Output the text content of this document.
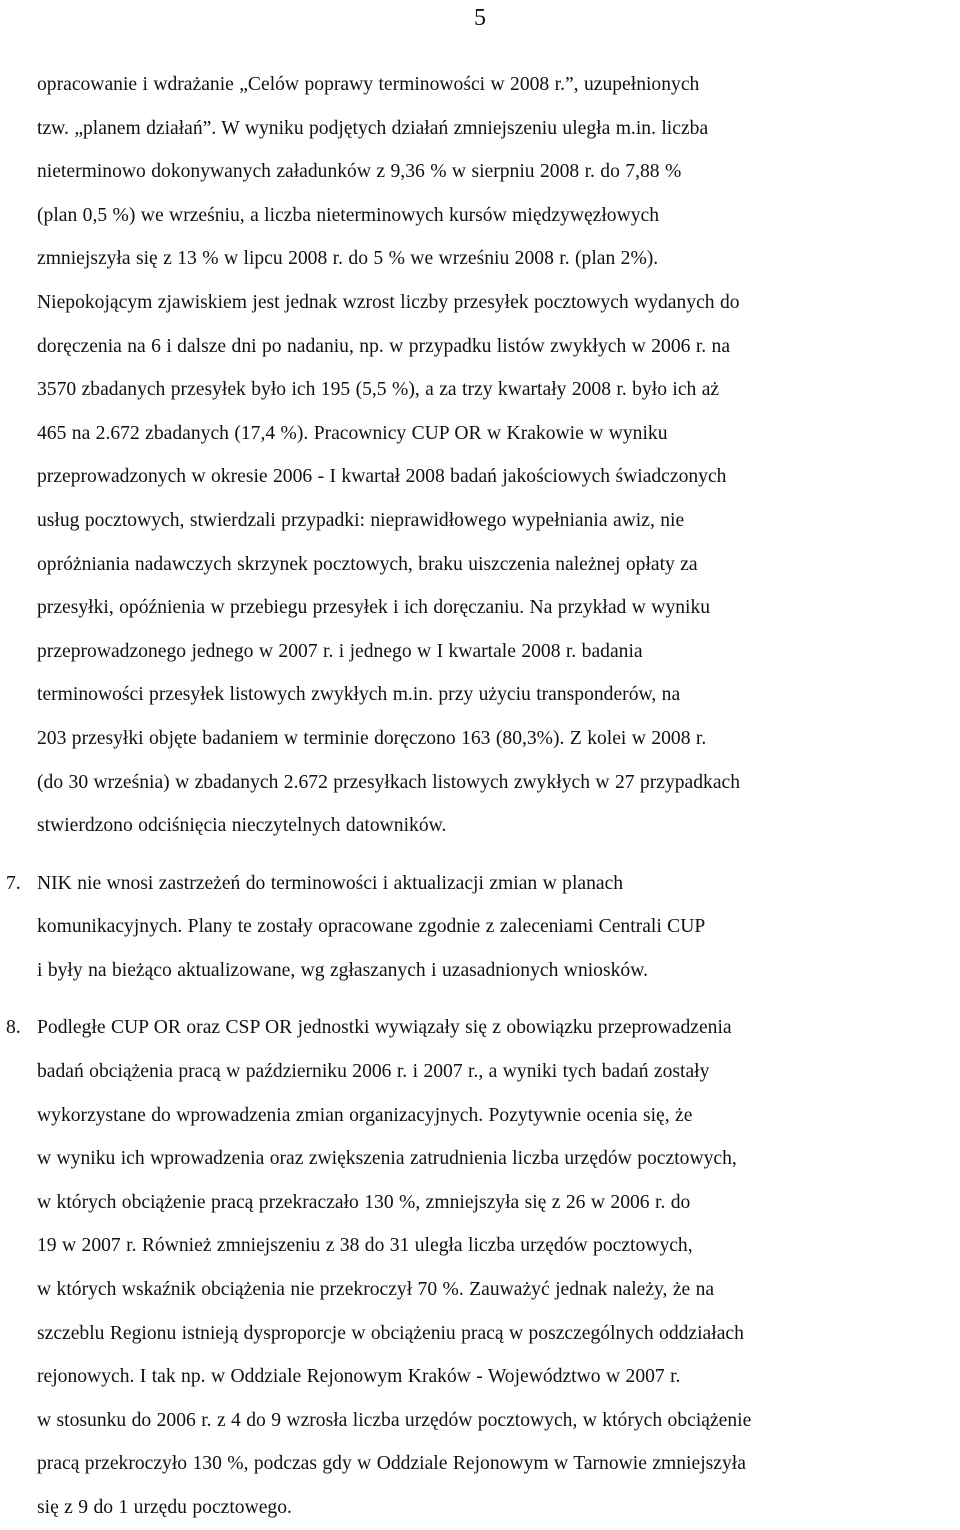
5
opracowanie i wdrażanie „Celów poprawy terminowości w 2008 r.”, uzupełnionych
tzw. „planem działań”. W wyniku podjętych działań zmniejszeniu uległa m.in. liczba
nieterminowo dokonywanych załadunków z 9,36 % w sierpniu 2008 r. do 7,88 %
(plan 0,5 %) we wrześniu, a liczba nieterminowych kursów międzywęzłowych
zmniejszyła się z 13 % w lipcu 2008 r. do 5 % we wrześniu 2008 r. (plan 2%).
Niepokojącym zjawiskiem jest jednak wzrost liczby przesyłek pocztowych wydanych do
doręczenia na 6 i dalsze dni po nadaniu, np. w przypadku listów zwykłych w 2006 r. na
3570 zbadanych przesyłek było ich 195 (5,5 %), a za trzy kwartały 2008 r. było ich aż
465 na 2.672 zbadanych (17,4 %). Pracownicy CUP OR w Krakowie w wyniku
przeprowadzonych w okresie 2006 - I kwartał 2008 badań jakościowych świadczonych
usług pocztowych, stwierdzali przypadki: nieprawidłowego wypełniania awiz, nie
opróżniania nadawczych skrzynek pocztowych, braku uiszczenia należnej opłaty za
przesyłki, opóźnienia w przebiegu przesyłek i ich doręczaniu. Na przykład w wyniku
przeprowadzonego jednego w 2007 r. i jednego w I kwartale 2008 r. badania
terminowości przesyłek listowych zwykłych m.in. przy użyciu transponderów, na
203 przesyłki objęte badaniem w terminie doręczono 163 (80,3%). Z kolei w 2008 r.
(do 30 września) w zbadanych 2.672 przesyłkach listowych zwykłych w 27 przypadkach
stwierdzono odciśnięcia nieczytelnych datowników.
7. NIK nie wnosi zastrzeżeń do terminowości i aktualizacji zmian w planach
komunikacyjnych. Plany te zostały opracowane zgodnie z zaleceniami Centrali CUP
i były na bieżąco aktualizowane, wg zgłaszanych i uzasadnionych wniosków.
8. Podległe CUP OR oraz CSP OR jednostki wywiązały się z obowiązku przeprowadzenia
badań obciążenia pracą w październiku 2006 r. i 2007 r., a wyniki tych badań zostały
wykorzystane do wprowadzenia zmian organizacyjnych. Pozytywnie ocenia się, że
w wyniku ich wprowadzenia oraz zwiększenia zatrudnienia liczba urzędów pocztowych,
w których obciążenie pracą przekraczało 130 %, zmniejszyła się z 26 w 2006 r. do
19 w 2007 r. Również zmniejszeniu z 38 do 31 uległa liczba urzędów pocztowych,
w których wskaźnik obciążenia nie przekroczył 70 %. Zauważyć jednak należy, że na
szczeblu Regionu istnieją dysproporcje w obciążeniu pracą w poszczególnych oddziałach
rejonowych. I tak np. w Oddziale Rejonowym Kraków - Województwo w 2007 r.
w stosunku do 2006 r. z 4 do 9 wzrosła liczba urzędów pocztowych, w których obciążenie
pracą przekroczyło 130 %, podczas gdy w Oddziale Rejonowym w Tarnowie zmniejszyła
się z 9 do 1 urzędu pocztowego.
